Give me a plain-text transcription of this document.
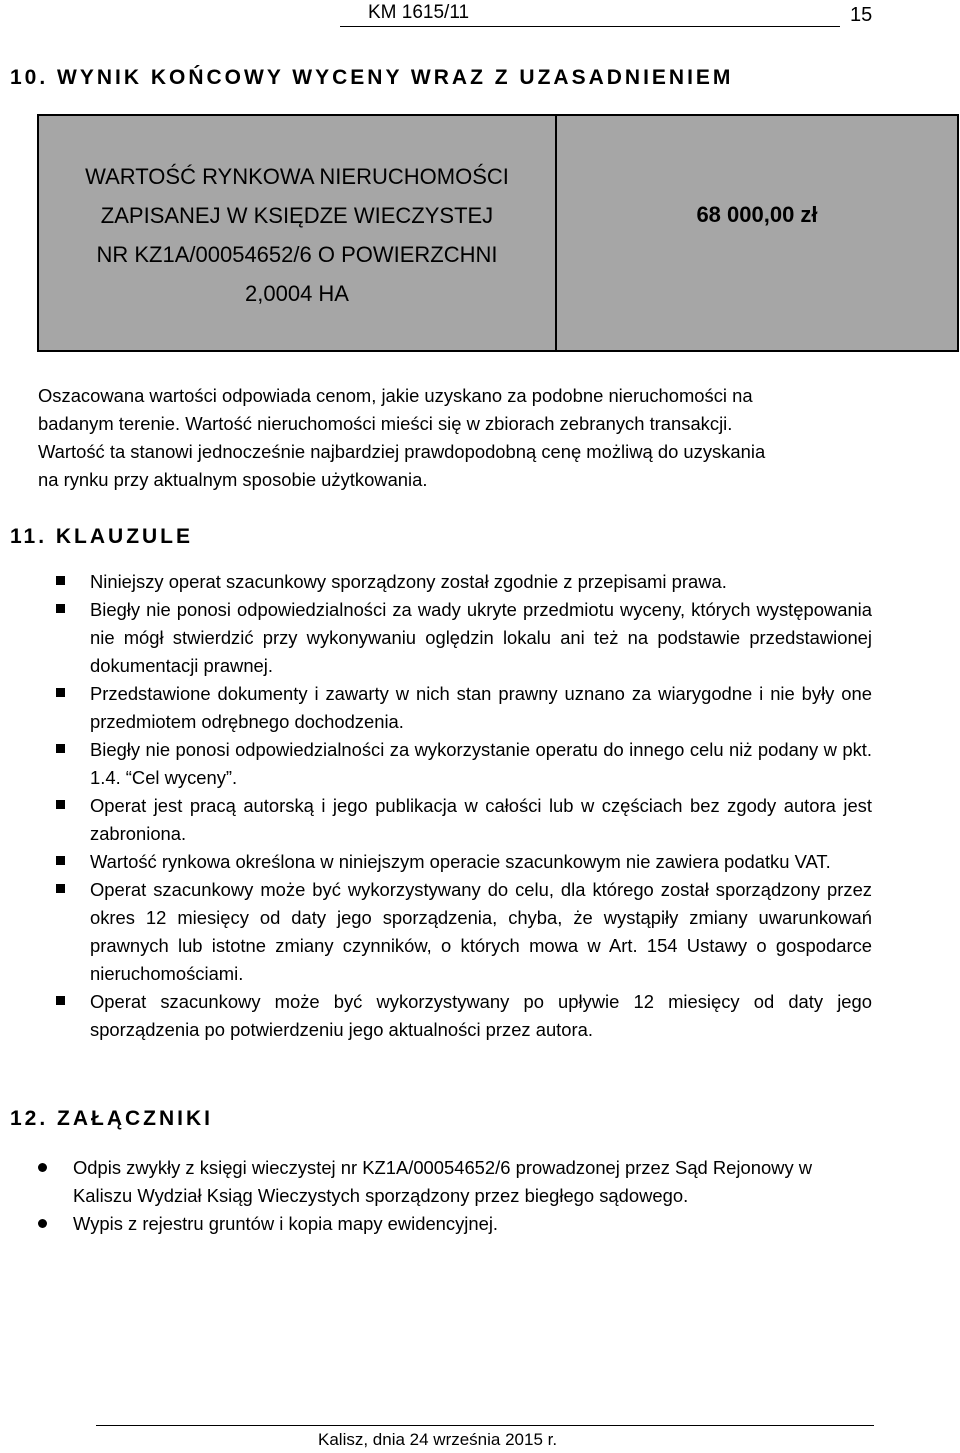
KM 1615/11	15
10. WYNIK KOŃCOWY WYCENY WRAZ Z UZASADNIENIEM
WARTOŚĆ RYNKOWA NIERUCHOMOŚCI
ZAPISANEJ W KSIĘDZE WIECZYSTEJ
NR KZ1A/00054652/6 O POWIERZCHNI
2,0004 HA
68 000,00 zł
Oszacowana wartości odpowiada cenom, jakie uzyskano za podobne nieruchomości na
badanym terenie. Wartość nieruchomości mieści się w zbiorach zebranych transakcji.
Wartość ta stanowi jednocześnie najbardziej prawdopodobną cenę możliwą do uzyskania
na rynku przy aktualnym sposobie użytkowania.
11. KLAUZULE
Niniejszy operat szacunkowy sporządzony został zgodnie z przepisami prawa.
Biegły nie ponosi odpowiedzialności za wady ukryte przedmiotu wyceny, których występowania nie mógł stwierdzić przy wykonywaniu oględzin lokalu ani też na podstawie przedstawionej dokumentacji prawnej.
Przedstawione dokumenty i zawarty w nich stan prawny uznano za wiarygodne i nie były one przedmiotem odrębnego dochodzenia.
Biegły nie ponosi odpowiedzialności za wykorzystanie operatu do innego celu niż podany w pkt. 1.4. “Cel wyceny”.
Operat jest pracą autorską i jego publikacja w całości lub w częściach bez zgody autora jest zabroniona.
Wartość rynkowa określona w niniejszym operacie szacunkowym nie zawiera podatku VAT.
Operat szacunkowy może być wykorzystywany do celu, dla którego został sporządzony przez okres 12 miesięcy od daty jego sporządzenia, chyba, że wystąpiły zmiany uwarunkowań prawnych lub istotne zmiany czynników, o których mowa w Art. 154 Ustawy o gospodarce nieruchomościami.
Operat szacunkowy może być wykorzystywany po upływie 12 miesięcy od daty jego sporządzenia po potwierdzeniu jego aktualności przez autora.
12. ZAŁĄCZNIKI
Odpis zwykły z księgi wieczystej nr KZ1A/00054652/6 prowadzonej przez Sąd Rejonowy w Kaliszu Wydział Ksiąg Wieczystych sporządzony przez biegłego sądowego.
Wypis z rejestru gruntów i kopia mapy ewidencyjnej.
Kalisz, dnia 24 września 2015 r.
